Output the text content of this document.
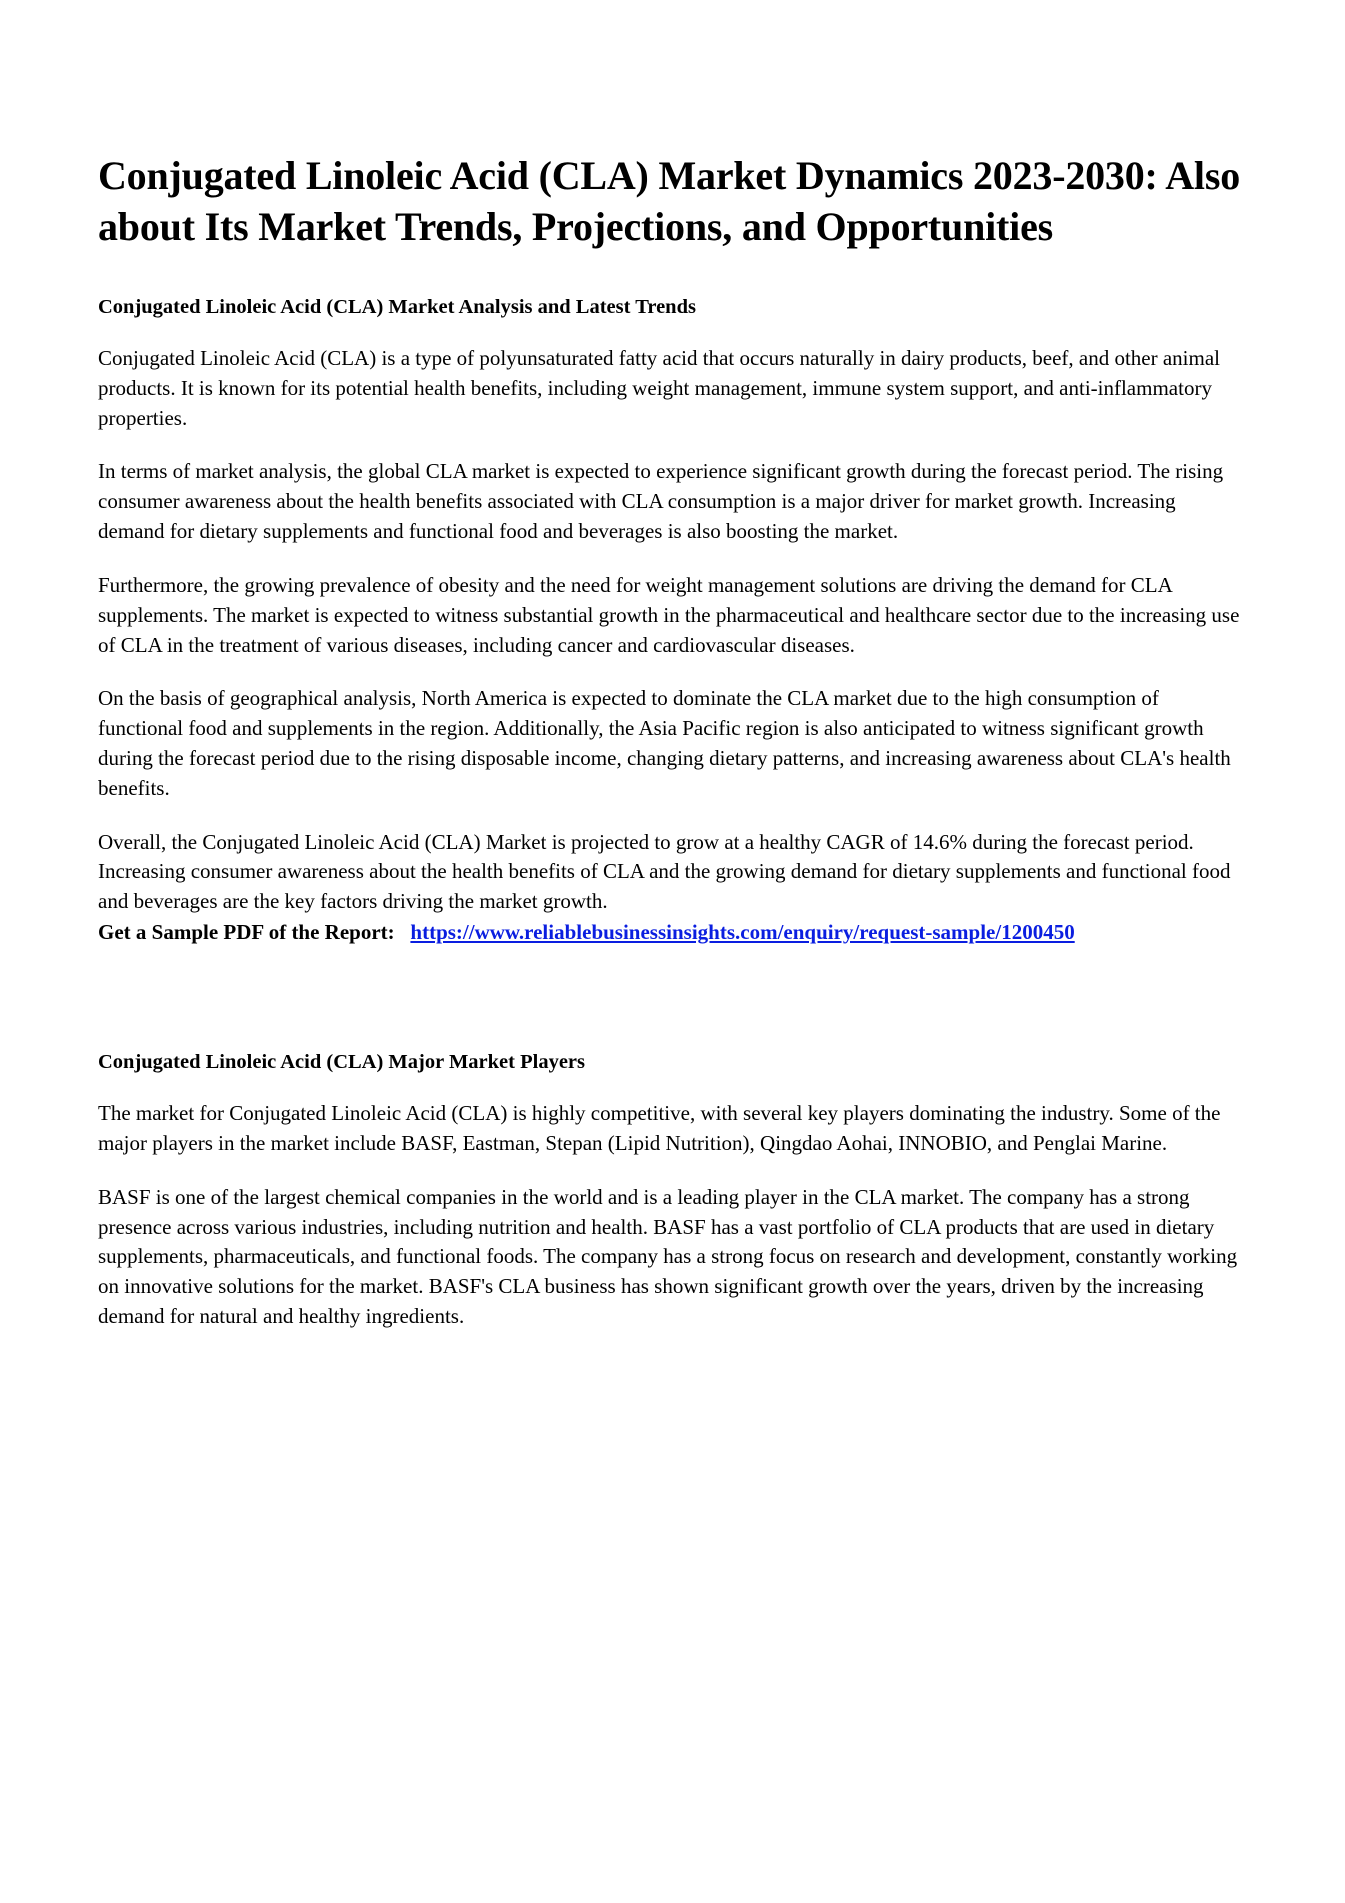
Conjugated Linoleic Acid (CLA) Market Dynamics 2023-2030: Also about Its Market Trends, Projections, and Opportunities
Conjugated Linoleic Acid (CLA) Market Analysis and Latest Trends

Conjugated Linoleic Acid (CLA) is a type of polyunsaturated fatty acid that occurs naturally in dairy products, beef, and other animal products. It is known for its potential health benefits, including weight management, immune system support, and anti-inflammatory properties.

In terms of market analysis, the global CLA market is expected to experience significant growth during the forecast period. The rising consumer awareness about the health benefits associated with CLA consumption is a major driver for market growth. Increasing demand for dietary supplements and functional food and beverages is also boosting the market.

Furthermore, the growing prevalence of obesity and the need for weight management solutions are driving the demand for CLA supplements. The market is expected to witness substantial growth in the pharmaceutical and healthcare sector due to the increasing use of CLA in the treatment of various diseases, including cancer and cardiovascular diseases.

On the basis of geographical analysis, North America is expected to dominate the CLA market due to the high consumption of functional food and supplements in the region. Additionally, the Asia Pacific region is also anticipated to witness significant growth during the forecast period due to the rising disposable income, changing dietary patterns, and increasing awareness about CLA's health benefits.

Overall, the Conjugated Linoleic Acid (CLA) Market is projected to grow at a healthy CAGR of 14.6% during the forecast period. Increasing consumer awareness about the health benefits of CLA and the growing demand for dietary supplements and functional food and beverages are the key factors driving the market growth.

Get a Sample PDF of the Report: https://www.reliablebusinessinsights.com/enquiry/request-sample/1200450

Conjugated Linoleic Acid (CLA) Major Market Players

The market for Conjugated Linoleic Acid (CLA) is highly competitive, with several key players dominating the industry. Some of the major players in the market include BASF, Eastman, Stepan (Lipid Nutrition), Qingdao Aohai, INNOBIO, and Penglai Marine.

BASF is one of the largest chemical companies in the world and is a leading player in the CLA market. The company has a strong presence across various industries, including nutrition and health. BASF has a vast portfolio of CLA products that are used in dietary supplements, pharmaceuticals, and functional foods. The company has a strong focus on research and development, constantly working on innovative solutions for the market. BASF's CLA business has shown significant growth over the years, driven by the increasing demand for natural and healthy ingredients.
